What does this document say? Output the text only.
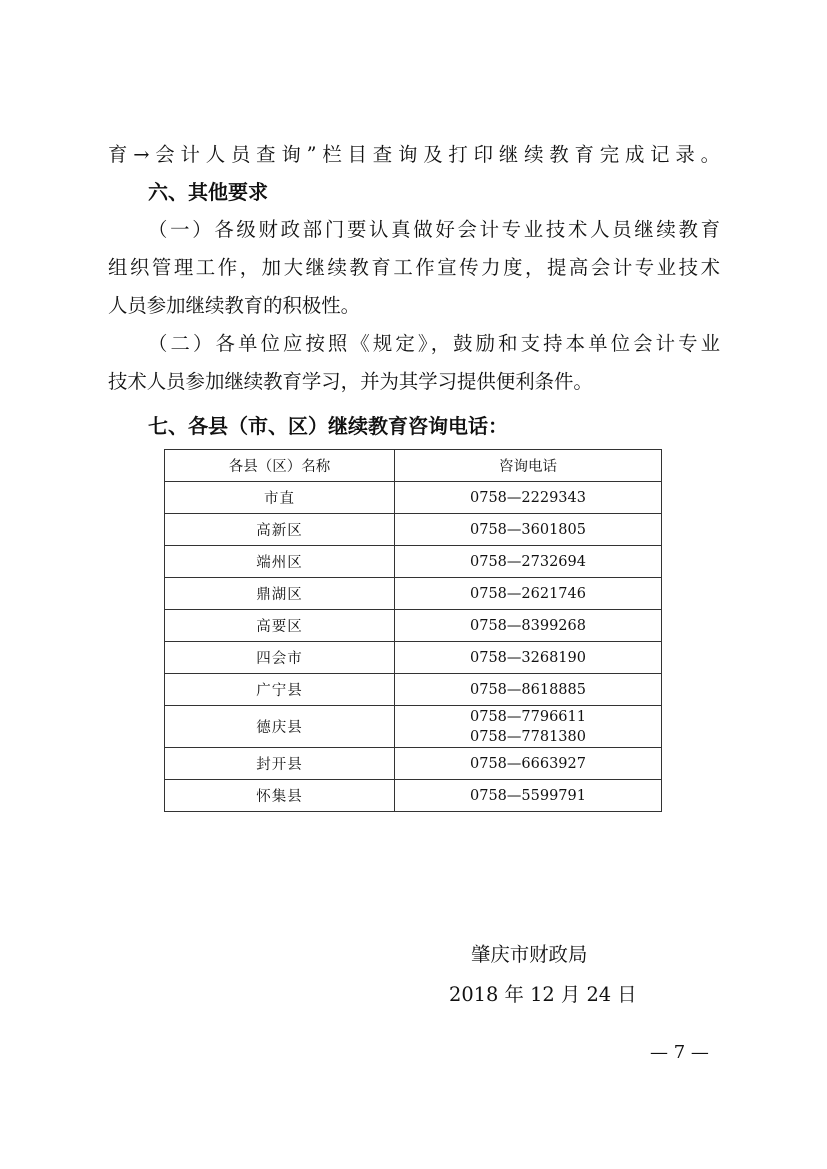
育→会计人员查询”栏目查询及打印继续教育完成记录。
六、其他要求
（一）各级财政部门要认真做好会计专业技术人员继续教育
组织管理工作，加大继续教育工作宣传力度，提高会计专业技术
人员参加继续教育的积极性。
（二）各单位应按照《规定》，鼓励和支持本单位会计专业
技术人员参加继续教育学习，并为其学习提供便利条件。
七、各县（市、区）继续教育咨询电话：
各县（区）名称	咨询电话
市直	0758—2229343
高新区	0758—3601805
端州区	0758—2732694
鼎湖区	0758—2621746
高要区	0758—8399268
四会市	0758—3268190
广宁县	0758—8618885
德庆县	0758—7796611
0758—7781380

封开县	0758—6663927
怀集县	0758—5599791
肇庆市财政局
2018 年 12 月 24 日
— 7 —
